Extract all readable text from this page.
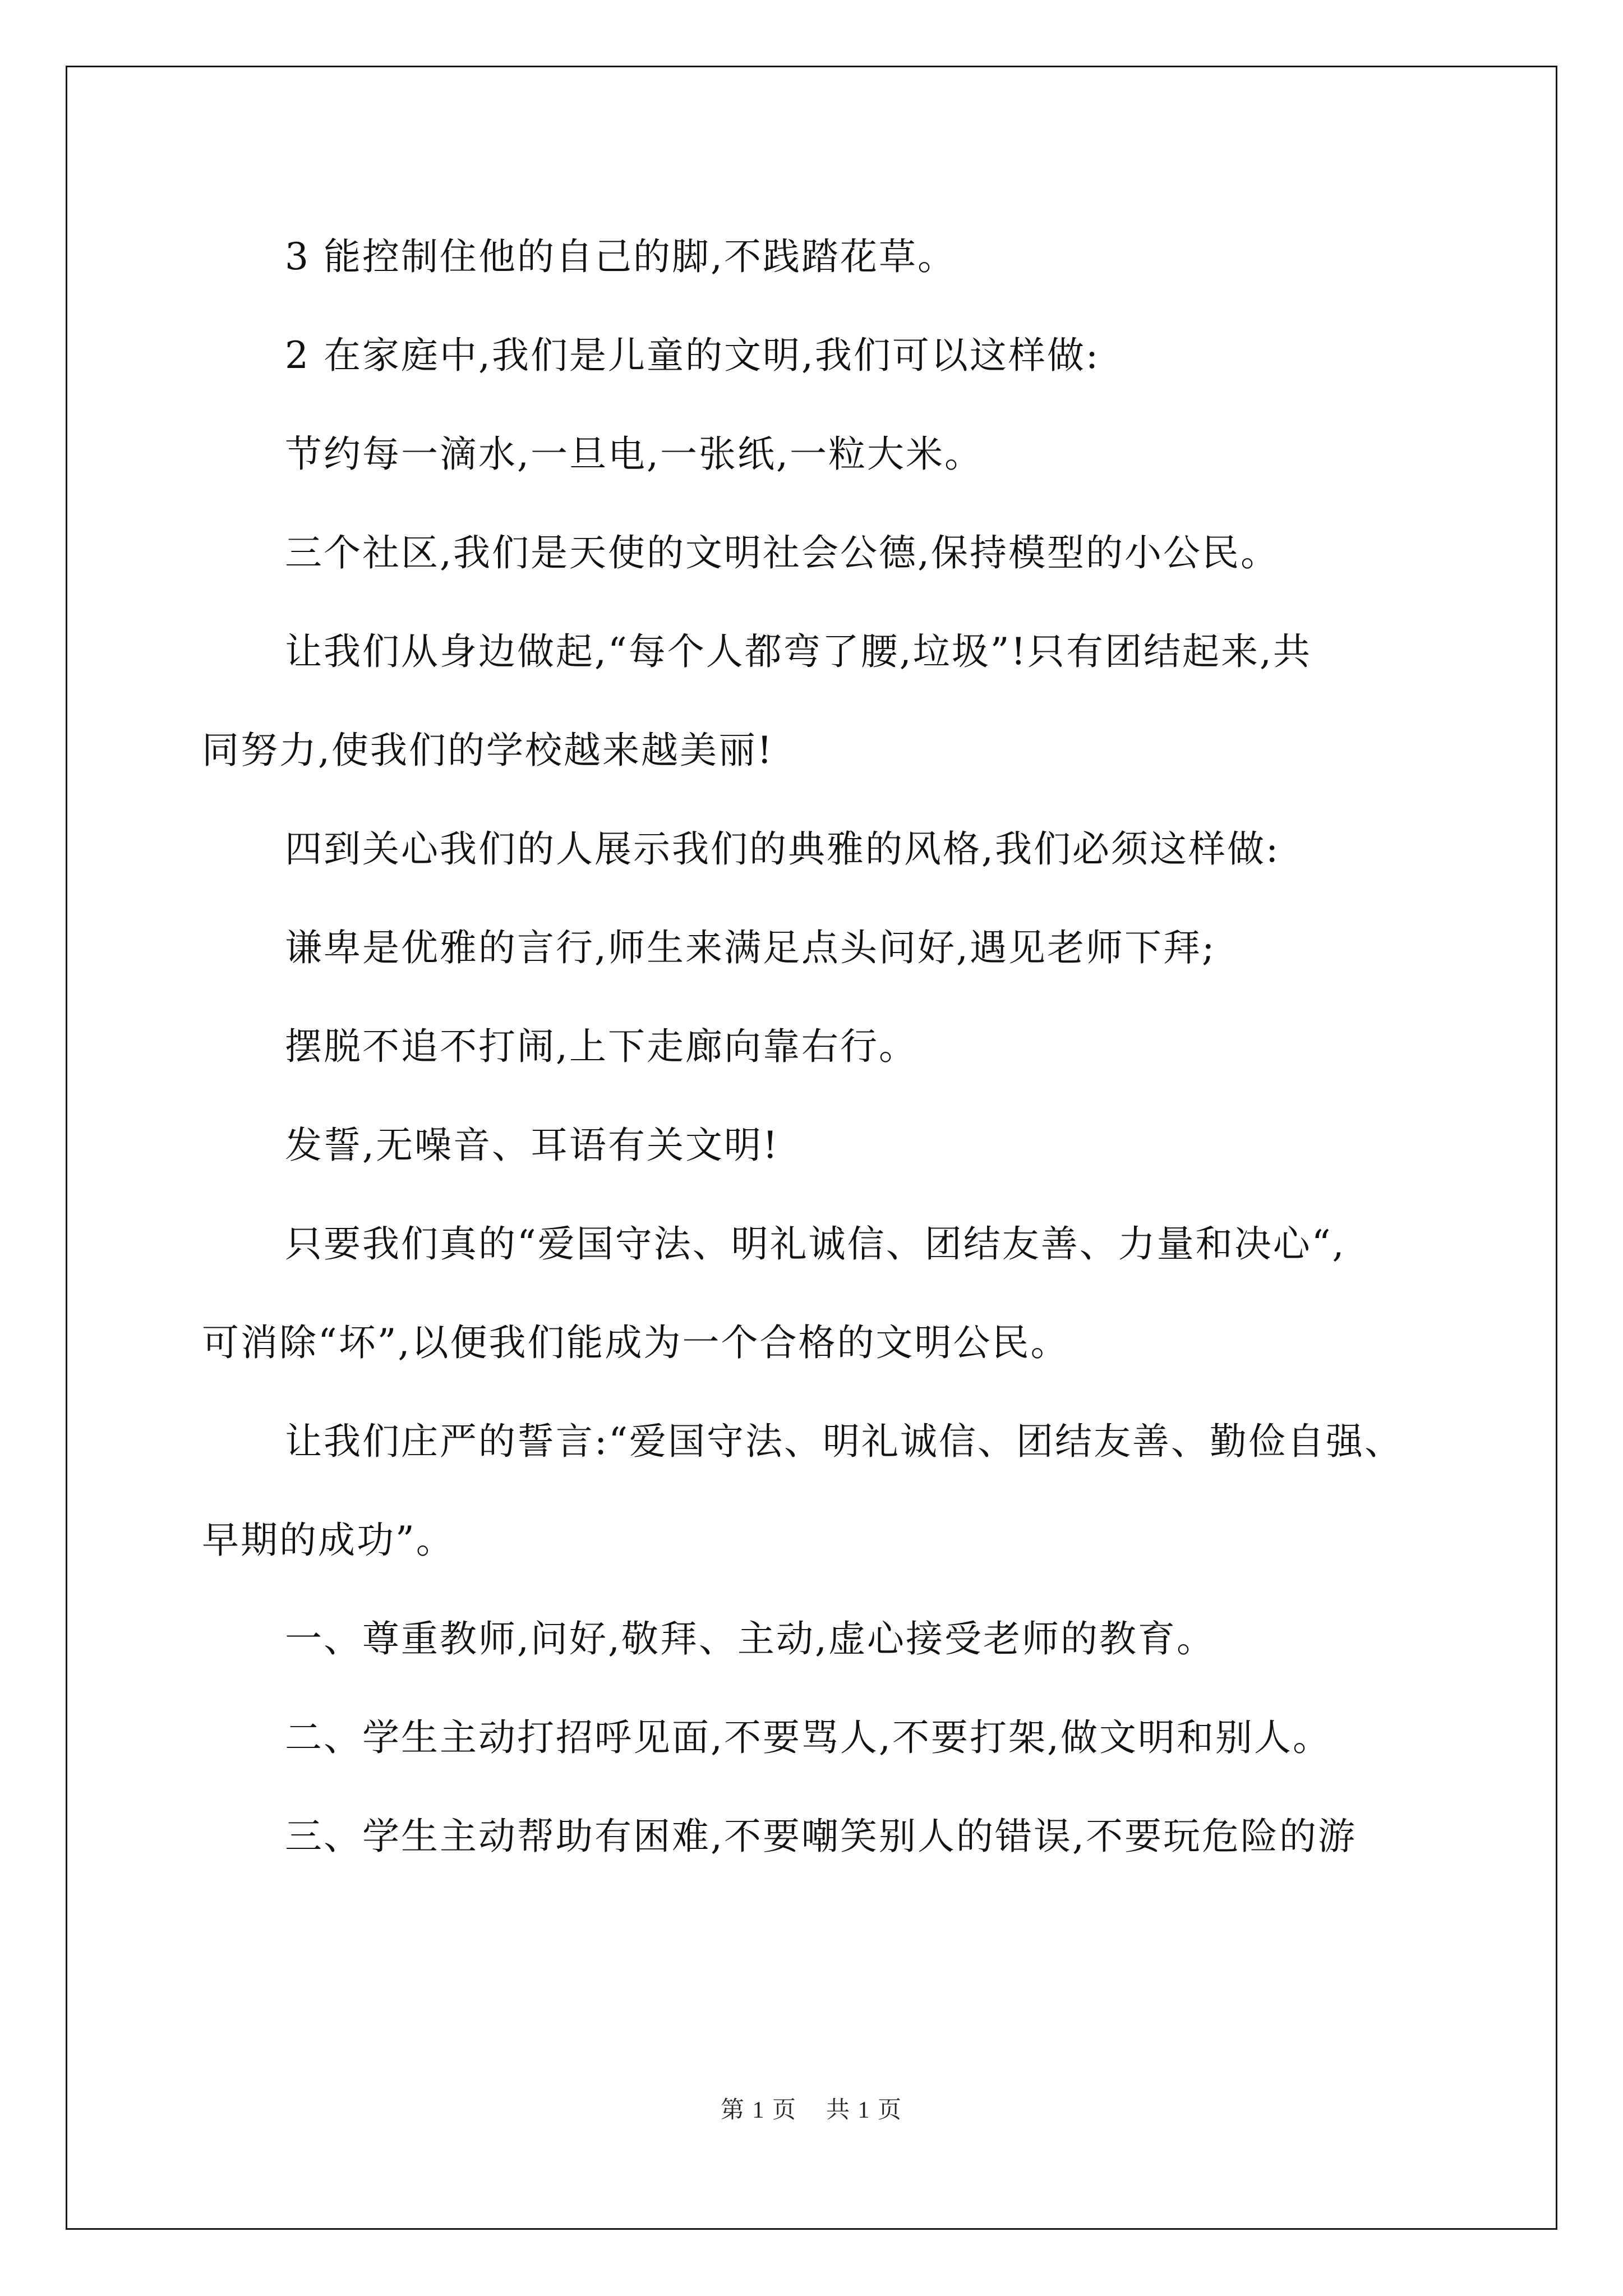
3 能控制住他的自己的脚,不践踏花草。

2 在家庭中,我们是儿童的文明,我们可以这样做:

节约每一滴水,一旦电,一张纸,一粒大米。

三个社区,我们是天使的文明社会公德,保持模型的小公民。

让我们从身边做起,“每个人都弯了腰,垃圾”!只有团结起来,共
同努力,使我们的学校越来越美丽!

四到关心我们的人展示我们的典雅的风格,我们必须这样做:

谦卑是优雅的言行,师生来满足点头问好,遇见老师下拜;

摆脱不追不打闹,上下走廊向靠右行。

发誓,无噪音、耳语有关文明!

只要我们真的“爱国守法、明礼诚信、团结友善、力量和决心“,
可消除“坏”,以便我们能成为一个合格的文明公民。

让我们庄严的誓言:“爱国守法、明礼诚信、团结友善、勤俭自强、
早期的成功”。

一、尊重教师,问好,敬拜、主动,虚心接受老师的教育。

二、学生主动打招呼见面,不要骂人,不要打架,做文明和别人。

三、学生主动帮助有困难,不要嘲笑别人的错误,不要玩危险的游

第 1 页 共 1 页
